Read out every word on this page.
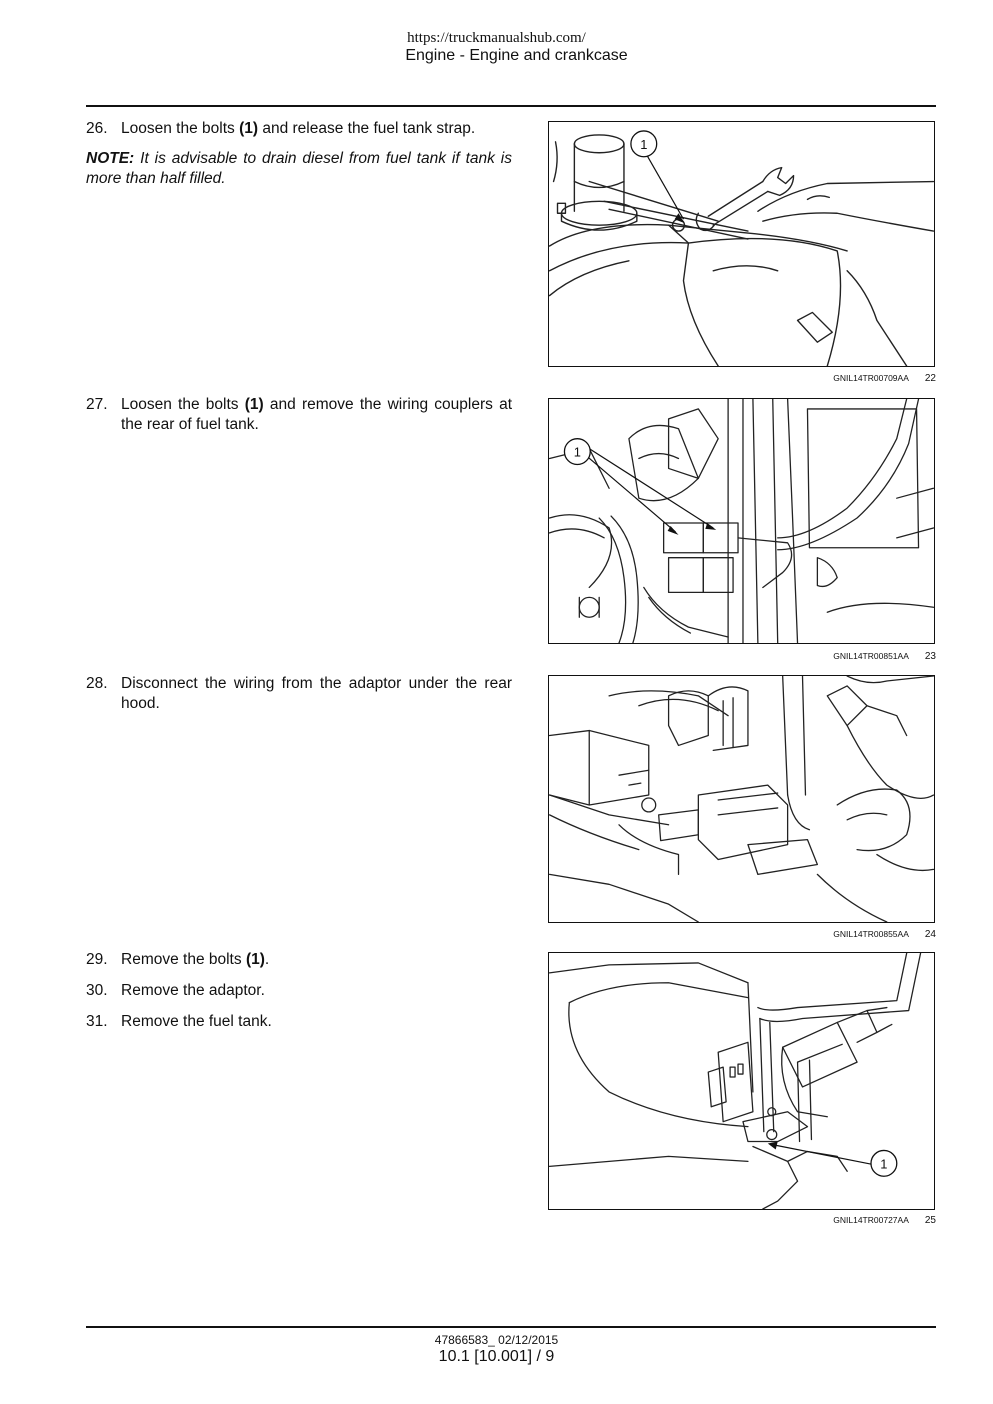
https://truckmanualshub.com/
Engine - Engine and crankcase
26. Loosen the bolts (1) and release the fuel tank strap.
NOTE: It is advisable to drain diesel from fuel tank if tank is more than half filled.
1
GNIL14TR00709AA 22
27. Loosen the bolts (1) and remove the wiring couplers at the rear of fuel tank.
1
GNIL14TR00851AA 23
28. Disconnect the wiring from the adaptor under the rear hood.
GNIL14TR00855AA 24
29. Remove the bolts (1).
30. Remove the adaptor.
31. Remove the fuel tank.
1
GNIL14TR00727AA 25
47866583_ 02/12/2015
10.1 [10.001] / 9
